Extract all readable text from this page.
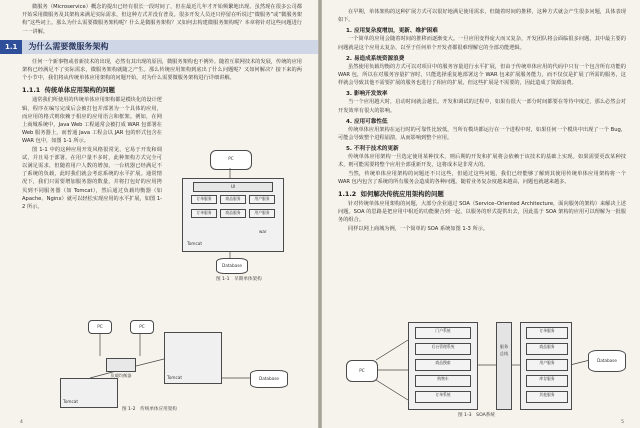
微服务（Microservice）概念的提出已经有很长一段时间了，但在最近几年才开始频繁地出现。虽然现在很多公司都开始采用微服务及其架构来满足实际需求，但这种方式并没有普及。很多开发人员还只停留在听说过“微服务”或“微服务架构”这些词上。那么为什么需要微服务架构呢？什么是微服务架构？又如何去构建微服务架构呢？本章将针对这些问题进行一一讲解。

1.1	为什么需要微服务架构

任何一个新事物或者新技术的出现，必然有其出现的原因，微服务架构也不例外。随着互联网技术的发展，传统的应用架构已经满足不了实际需求，微服务架构就随之产生。那么传统应用架构到底出了什么问题呢？又如何解决？接下来的两个小节中，我们将从传统单体应用架构的问题开始，对为什么需要微服务架构进行详细讲解。

1.1.1 传统单体应用架构的问题

通常我们所使用的传统单体应用架构都是模块化的设计逻辑，程序在编写完成后会被打包并部署为一个具体的应用，而应用的格式则依赖于相应的应用语言和框架。例如，在网上商城系统中，Java Web 工程通常会被打成 WAR 包部署在 Web 服务器上，而普通 Java 工程会以 JAR 包的形式包含在 WAR 包中，如图 1-1 所示。

图 1-1 中的这种应用开发风格很常见，它易于开发和调试，并且易于部署。在用户量不多时，此种架构方式完全可以满足需求，但随着用户人数的增加，一台机器已经满足不了系统的负载，此时我们就会考虑系统的水平扩展。通常情况下，我们只需要增加服务器的数量，并将打包好的应用拷贝到不同服务器（如 Tomcat），然后通过负载均衡器（如 Apache、Nginx）就可以轻松实现应用的水平扩展，如图 1-2 所示。

PC
UI
订单服务	商品服务	用户服务
订单服务	商品服务	用户服务
war
Tomcat
Database
图 1-1　早期单体架构
PC	PC
负载均衡器
Tomcat
Tomcat	Database
图 1-2　传统单体应用架构
4

在早期，单体架构的这种扩展方式可以很好地满足使用需求，但随着时间的推移，这种方式就会产生很多问题，具体表现如下。

1. 应用复杂度增加，更新、维护困难

一个简单的应用会随着时间的推移而逐渐变大。一旦应用变得庞大而又复杂，开发团队将会面临很多问题，其中最主要的问题就是这个应用太复杂，以至于任何单个开发者都很难理解它的全部功能逻辑。

2. 易造成系统资源浪费

虽然使用负载均衡的方式可以对项目中的服务容量进行水平扩展，但由于传统单体应用的代码中只有一个包含所有功能的 WAR 包，所以在对服务容量扩容时，只能选择重复地部署这个 WAR 包来扩展服务能力，而不仅仅是扩展了所需的服务，这样就会导致其他不需要扩展的服务也进行了相应的扩展，但这些扩展是不需要的，因此造成了资源浪费。

3. 影响开发效率

当一个应用越大时，启动时间就会越长。开发和调试的过程中，如果有很大一部分时间都要在等待中度过，那么必然会对开发效率有很大的影响。

4. 应用可靠性低

传统单体应用架构在运行时的可靠性比较低，当所有模块都运行在一个进程中时，如果任何一个模块中出现了一个 Bug，可能会导致整个进程崩溃，从而影响到整个应用。

5. 不利于技术的更新

传统单体应用架构一旦选定使用某种技术，则后期的开发和扩展将会依赖于该技术的基础上实现。如果需要更改某种技术，则可能需要将整个应用全部重新开发，这将成本是非常大的。

当然，传统单体应用架构的问题还不只这些，但通过这些问题，我们已经能够了解到其使用传统单体应用架构将一个 WAR 包内包含了系统的所有服务会造成的各种问题。随着业务复杂度越来越高，问题也就越来越多。

1.1.2 如何解决传统应用架构的问题

针对传统单体应用架构的问题，大部分企业通过 SOA（Service–Oriented Architecture，面向服务的架构）来解决上述问题。SOA 的思路是把应用中相近的功能聚合到一起，以服务的形式提供出去，因此基于 SOA 架构的应用可以理解为一批服务的组合。

同样以网上商城为例，一个简单的 SOA 系统如图 1-3 所示。

PC
门户系统
后台管理系统
商品搜索
购物车
订单系统
服务总线
订单服务
商品服务
用户服务
库存服务
其他服务
Database
图 1-3　SOA系统
5
